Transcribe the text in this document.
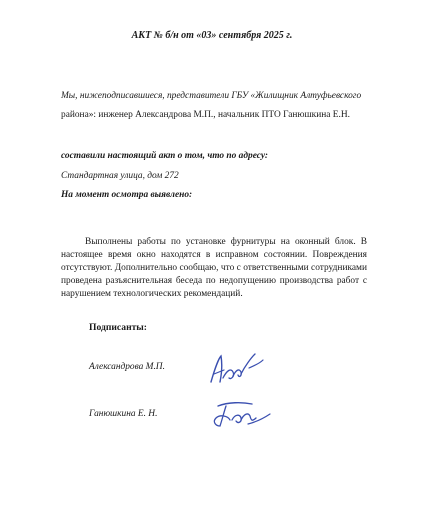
АКТ № б/н от «03» сентября 2025 г.
Мы, нижеподписавшиеся, представители ГБУ «Жилищник Алтуфьевского
района»: инженер Александрова М.П., начальник ПТО Ганюшкина Е.Н.
составили настоящий акт о том, что по адресу:
Стандартная улица, дом 272
На момент осмотра выявлено:

Выполнены работы по установке фурнитуры на оконный блок. В настоящее время окно находятся в исправном состоянии. Повреждения отсутствуют. Дополнительно сообщаю, что с ответственными сотрудниками проведена разъяснительная беседа по недопущению производства работ с нарушением технологических рекомендаций.

Подписанты:
Александрова М.П.
Ганюшкина Е. Н.
